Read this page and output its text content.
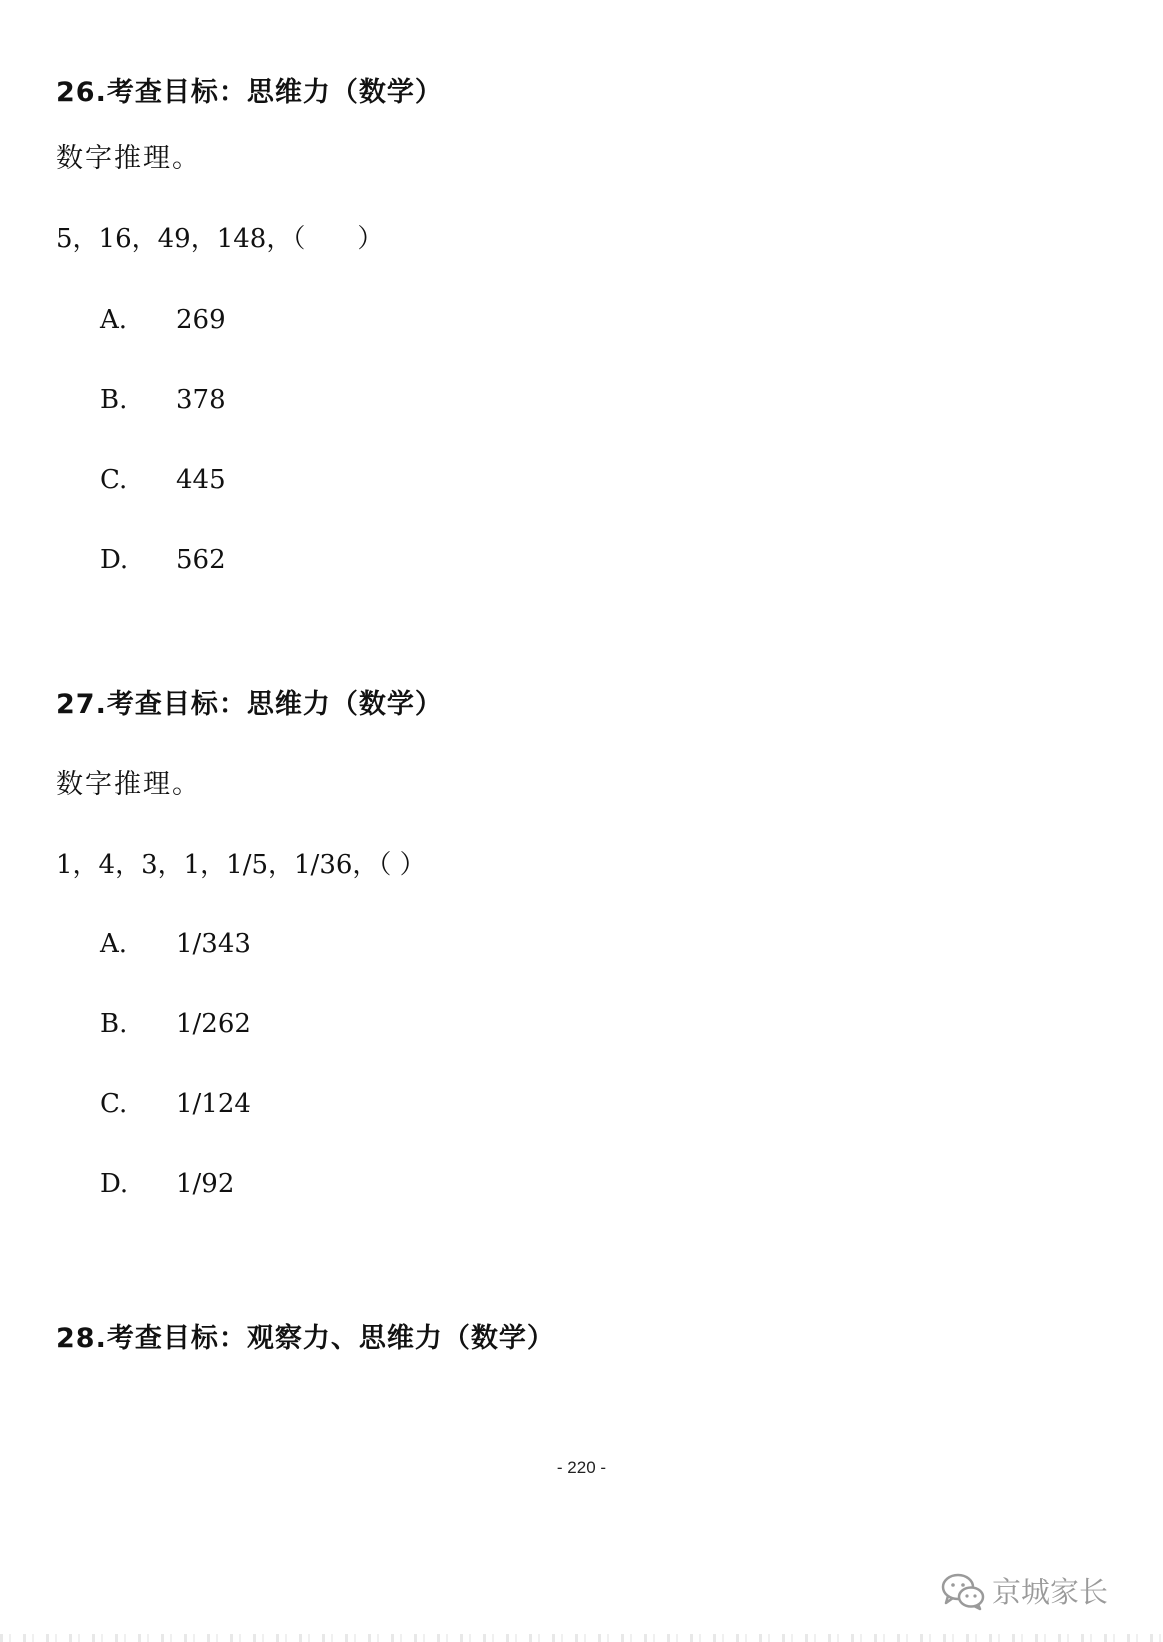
26.考查目标：思维力（数学）
数字推理。
5，16，49，148，（　　）
A.	269
B.	378
C.	445
D.	562
27.考查目标：思维力（数学）
数字推理。
1，4，3，1，1/5，1/36，（ ）
A.	1/343
B.	1/262
C.	1/124
D.	1/92
28.考查目标：观察力、思维力（数学）
- 220 -
京城家长
